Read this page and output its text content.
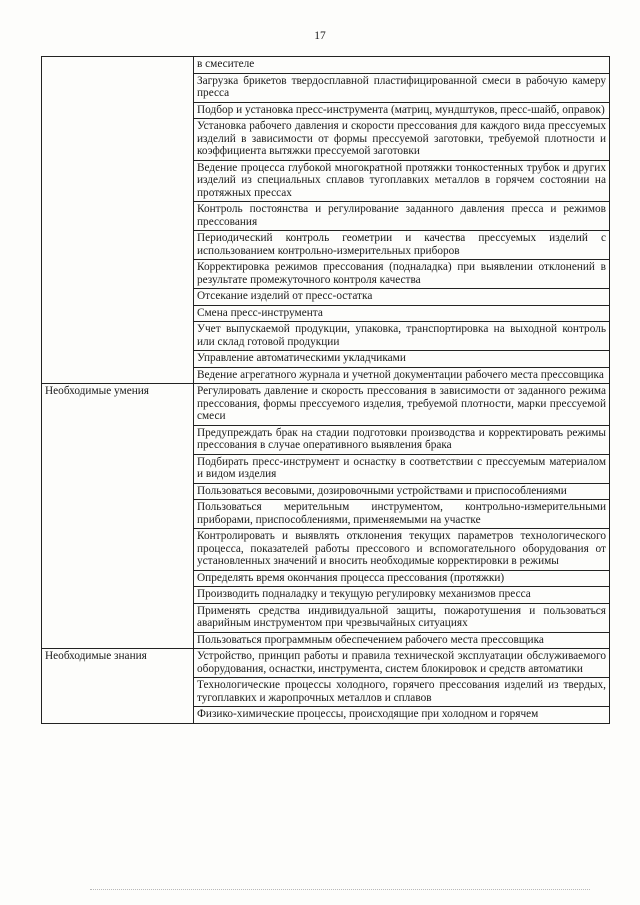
17
	в смесителе
	Загрузка брикетов твердосплавной пластифицированной смеси в рабочую камеру пресса
	Подбор и установка пресс-инструмента (матриц, мундштуков, пресс-шайб, оправок)
	Установка рабочего давления и скорости прессования для каждого вида прессуемых изделий в зависимости от формы прессуемой заготовки, требуемой плотности и коэффициента вытяжки прессуемой заготовки
	Ведение процесса глубокой многократной протяжки тонкостенных трубок и других изделий из специальных сплавов тугоплавких металлов в горячем состоянии на протяжных прессах
	Контроль постоянства и регулирование заданного давления пресса и режимов прессования
	Периодический контроль геометрии и качества прессуемых изделий с использованием контрольно-измерительных приборов
	Корректировка режимов прессования (подналадка) при выявлении отклонений в результате промежуточного контроля качества
	Отсекание изделий от пресс-остатка
	Смена пресс-инструмента
	Учет выпускаемой продукции, упаковка, транспортировка на выходной контроль или склад готовой продукции
	Управление автоматическими укладчиками
	Ведение агрегатного журнала и учетной документации рабочего места прессовщика
Необходимые умения	Регулировать давление и скорость прессования в зависимости от заданного режима прессования, формы прессуемого изделия, требуемой плотности, марки прессуемой смеси
	Предупреждать брак на стадии подготовки производства и корректировать режимы прессования в случае оперативного выявления брака
	Подбирать пресс-инструмент и оснастку в соответствии с прессуемым материалом и видом изделия
	Пользоваться весовыми, дозировочными устройствами и приспособлениями
	Пользоваться мерительным инструментом, контрольно-измерительными приборами, приспособлениями, применяемыми на участке
	Контролировать и выявлять отклонения текущих параметров технологического процесса, показателей работы прессового и вспомогательного оборудования от установленных значений и вносить необходимые корректировки в режимы
	Определять время окончания процесса прессования (протяжки)
	Производить подналадку и текущую регулировку механизмов пресса
	Применять средства индивидуальной защиты, пожаротушения и пользоваться аварийным инструментом при чрезвычайных ситуациях
	Пользоваться программным обеспечением рабочего места прессовщика
Необходимые знания	Устройство, принцип работы и правила технической эксплуатации обслуживаемого оборудования, оснастки, инструмента, систем блокировок и средств автоматики
	Технологические процессы холодного, горячего прессования изделий из твердых, тугоплавких и жаропрочных металлов и сплавов
	Физико-химические процессы, происходящие при холодном и горячем
